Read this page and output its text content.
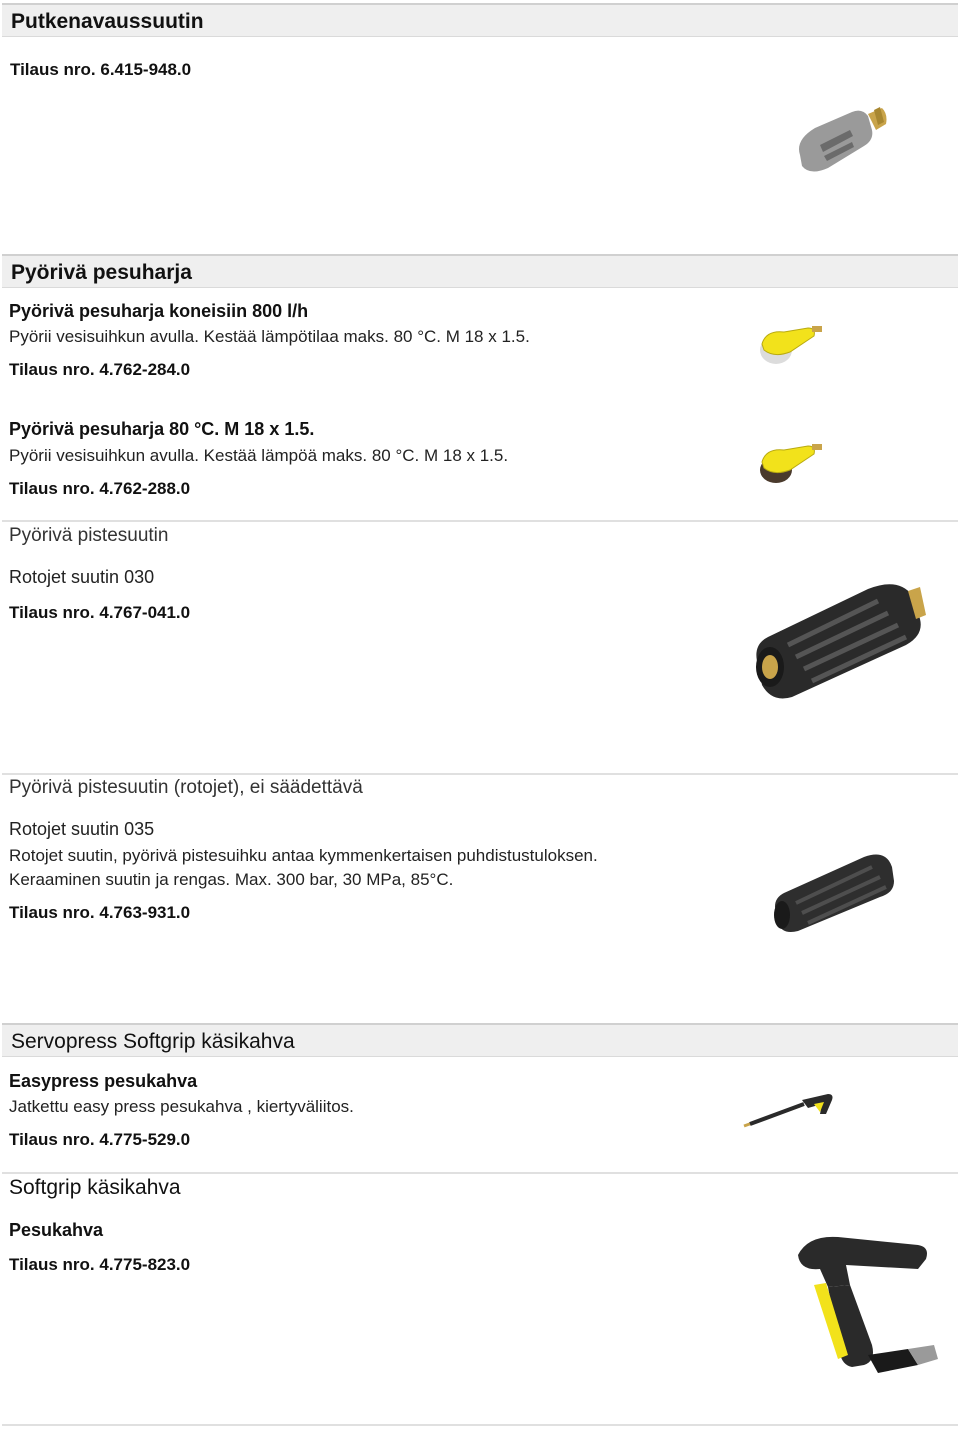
Putkenavaussuutin
Tilaus nro. 6.415-948.0
Pyörivä pesuharja
Pyörivä pesuharja koneisiin 800 l/h
Pyörii vesisuihkun avulla. Kestää lämpötilaa maks. 80 °C. M 18 x 1.5.
Tilaus nro. 4.762-284.0
Pyörivä pesuharja 80 °C. M 18 x 1.5.
Pyörii vesisuihkun avulla. Kestää lämpöä maks. 80 °C. M 18 x 1.5.
Tilaus nro. 4.762-288.0
Pyörivä pistesuutin
Rotojet suutin 030
Tilaus nro. 4.767-041.0
Pyörivä pistesuutin (rotojet), ei säädettävä
Rotojet suutin 035
Rotojet suutin, pyörivä pistesuihku antaa kymmenkertaisen puhdistustuloksen.
Keraaminen suutin ja rengas. Max. 300 bar, 30 MPa, 85°C.
Tilaus nro. 4.763-931.0
Servopress Softgrip käsikahva
Easypress pesukahva
Jatkettu easy press pesukahva , kiertyväliitos.
Tilaus nro. 4.775-529.0
Softgrip käsikahva
Pesukahva
Tilaus nro. 4.775-823.0
